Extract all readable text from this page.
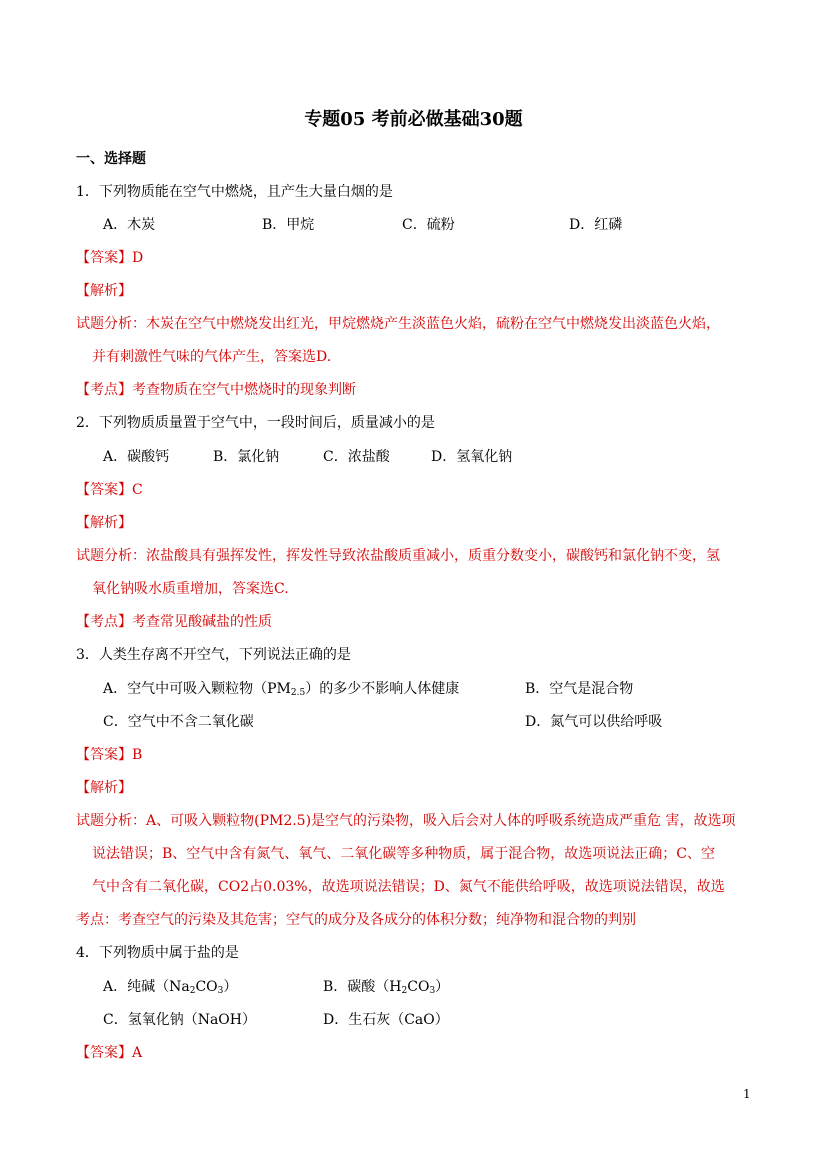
专题05 考前必做基础30题
一、选择题
1．下列物质能在空气中燃烧，且产生大量白烟的是
A．木炭	B．甲烷	C．硫粉	D．红磷
【答案】D
【解析】
试题分析：木炭在空气中燃烧发出红光，甲烷燃烧产生淡蓝色火焰，硫粉在空气中燃烧发出淡蓝色火焰，
并有刺激性气味的气体产生，答案选D.
【考点】考查物质在空气中燃烧时的现象判断
2．下列物质质量置于空气中，一段时间后，质量减小的是
A．碳酸钙	B．氯化钠	C．浓盐酸	D．氢氧化钠
【答案】C
【解析】
试题分析：浓盐酸具有强挥发性，挥发性导致浓盐酸质重减小，质重分数变小，碳酸钙和氯化钠不变，氢
氧化钠吸水质重增加，答案选C.
【考点】考查常见酸碱盐的性质
3．人类生存离不开空气，下列说法正确的是
A．空气中可吸入颗粒物$(PM_{2.5})$的多少不影响人体健康	B．空气是混合物
C．空气中不含二氧化碳	D．氮气可以供给呼吸
【答案】B
【解析】
试题分析：A、可吸入颗粒物(PM2.5)是空气的污染物，吸入后会对人体的呼吸系统造成严重危 害，故选项
说法错误；B、空气中含有氮气、氧气、二氧化碳等多种物质，属于混合物，故选项说法正确；C、空
气中含有二氧化碳，CO2占0.03%，故选项说法错误；D、氮气不能供给呼吸，故选项说法错误，故选
考点：考查空气的污染及其危害；空气的成分及各成分的体积分数；纯净物和混合物的判别
4．下列物质中属于盐的是
A．纯碱$(Na_2CO_3)$	B．碳酸$(H_2CO_3)$
C．氢氧化钠（NaOH）	D．生石灰（CaO）
【答案】A
1
